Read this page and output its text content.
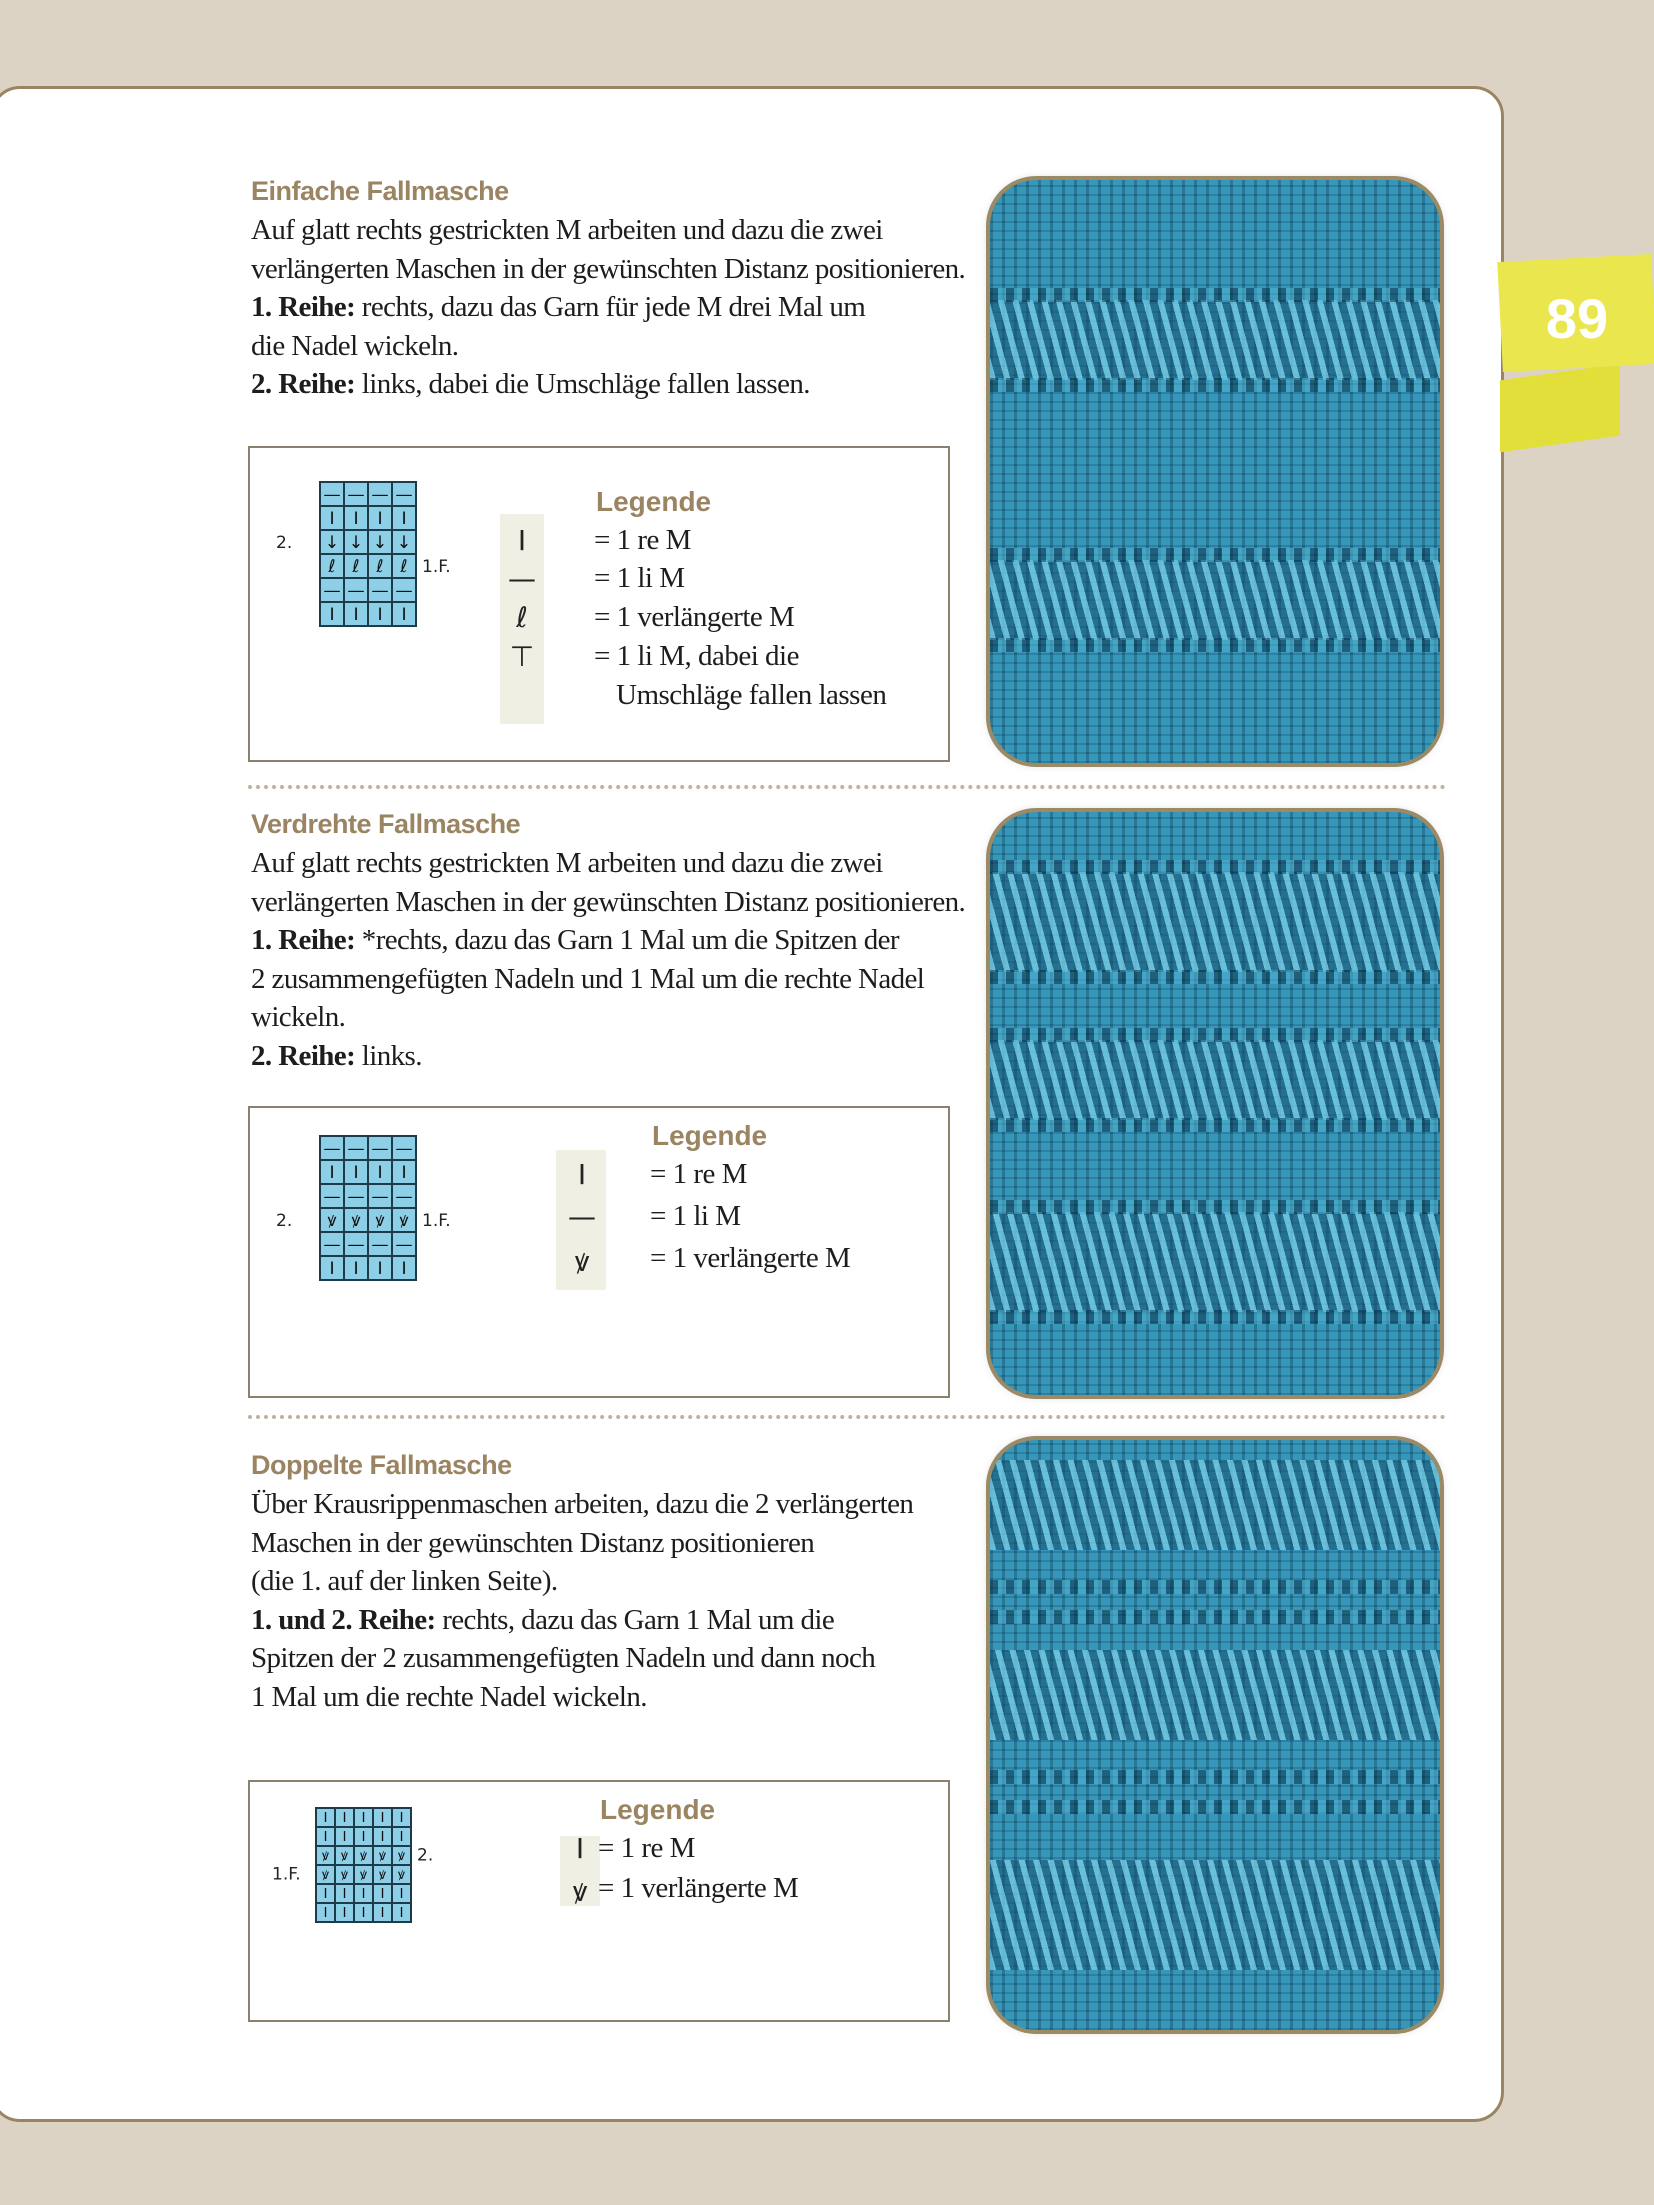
89
Einfache Fallmasche
Auf glatt rechts gestrickten M arbeiten und dazu die zwei
verlängerten Maschen in der gewünschten Distanz positionieren.
1. Reihe: rechts, dazu das Garn für jede M drei Mal um
die Nadel wickeln.
2. Reihe: links, dabei die Umschläge fallen lassen.
— — — —
I I I I
↓ ↓ ↓ ↓
ℓ ℓ ℓ ℓ
— — — —
I I I I
2.
1.F.
Legende
I	= 1 re M
— = 1 li M
ℓ	= 1 verlängerte M
⊤ = 1 li M, dabei die
Umschläge fallen lassen
Verdrehte Fallmasche
Auf glatt rechts gestrickten M arbeiten und dazu die zwei
verlängerten Maschen in der gewünschten Distanz positionieren.
1. Reihe: *rechts, dazu das Garn 1 Mal um die Spitzen der
2 zusammengefügten Nadeln und 1 Mal um die rechte Nadel
wickeln.
2. Reihe: links.
— — — —
I I I I
— — — —
ꝟ ꝟ ꝟ ꝟ
— — — —
I I I I
2.	1.F.
Legende
I	= 1 re M
— = 1 li M
ꝟ	= 1 verlängerte M
Doppelte Fallmasche
Über Krausrippenmaschen arbeiten, dazu die 2 verlängerten
Maschen in der gewünschten Distanz positionieren
(die 1. auf der linken Seite).
1. und 2. Reihe: rechts, dazu das Garn 1 Mal um die
Spitzen der 2 zusammengefügten Nadeln und dann noch
1 Mal um die rechte Nadel wickeln.
I I I I I
I I I I I
ꝟ ꝟ ꝟ ꝟ ꝟ
ꝟ ꝟ ꝟ ꝟ ꝟ
I I I I I
I I I I I
1.F.
2.
Legende
I = 1 re M
ꝟ = 1 verlängerte M
